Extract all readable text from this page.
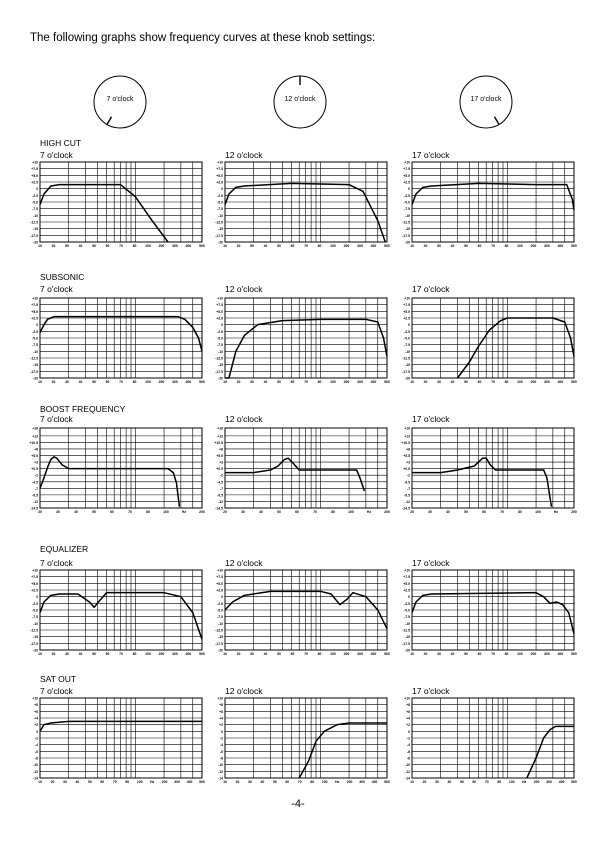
The following graphs show frequency curves at these knob settings:
7 o'clock	12 o'clock	17 o'clock
HIGH CUT
7 o'clock
+10
+7.5
+5.0
+2.5
0
-2.5
-5.0
-7.5
-10
-12.5
-15
-17.5
-20
10	20	50	40	50	60	70	80	100 200 300 400 500
12 o'clock
+10
+7.5
+5.0
+2.5
0
-2.5
-5.0
-7.5
-10
-12.5
-15
-17.5
-20
10	20	50	40	50	60	70	80	100 200 300 400 500
17 o'clock
+10
+7.5
+5.0
+2.5
0
-2.5
-5.0
-7.5
-10
-12.5
-15
-17.5
-20
10	20	50	40	50	60	70	80	100 200 300 400 500
SUBSONIC
7 o'clock
+10
+7.5
+5.0
+2.5
0
-2.5
-5.0
-7.5
-10
-12.5
-15
-17.5
-20
10	20	30	40	50	60	70	80	100 200 300 400 500
12 o'clock
+10
+7.5
+5.0
+2.5
0
-2.5
-5.0
-7.5
-10
-12.5
-15
-17.5
-20
10	20	30	40	50	60	70	80	100 200 300 400 500
17 o'clock
+10
+7.5
+5.0
+2.5
0
-2.5
-5.0
-7.5
-10
-12.5
-15
-17.5
-20
10	20	30	40	50	60	70	80	100 200 300 400 500
BOOST FREQUENCY
7 o'clock
+16
+13
+10.5
+8
+5.5
+3
+0.5
-2
-4.5
-7
-9.5
-12
-14.5
20	30	40	50	60	70	80	100	Hz	200
12 o'clock
+16
+13
+10.5
+8
+5.5
+3
+0.5
-2
-4.5
-7
-9.5
-12
-14.5
20	30	40	50	60	70	80	100	Hz	200
17 o'clock
+16
+13
+10.5
+8
+5.5
+3
+0.5
-2
-4.5
-7
-9.5
-12
-14.5
20	30	40	50	60	70	80	100	Hz	200
EQUALIZER
7 o'clock
+10
+7.5
+5.0
+2.5
0
-2.5
-5.0
-7.5
-10
-12.5
-15
-17.5
-20
10	20	30	40	50	60	70	80	100 200 300 400 500
12 o'clock
+10
+7.5
+5.0
+2.5
0
-2.5
-5.0
-7.5
-10
-12.5
-15
-17.5
-20
10	20	30	40	50	60	70	80	100 200 300 400 500
17 o'clock
+10
+7.5
+5.0
+2.5
0
-2.5
-5.0
-7.5
-10
-12.5
-15
-17.5
-20
10	20	30	40	50	60	70	80	100 200 300 400 500
SAT OUT
7 o'clock
+10
+8
+6
+4
+2
0
-2
-4
-6
-8
-10
-12
-14
10	20	30	40	50	60	70	80 100 Hz 200 300 400 500
12 o'clock
+10
+8
+6
+4
+2
0
-2
-4
-6
-8
-10
-12
-14
10	20	30	40	50	60	70	80 100 Hz 200 300 400 500
17 o'clock
+10
+8
+6
+4
+2
0
-2
-4
-6
-8
-10
-12
-14
10	20	30	40	50	60	70	80 100 Hz 200 300 400 500
-4-
